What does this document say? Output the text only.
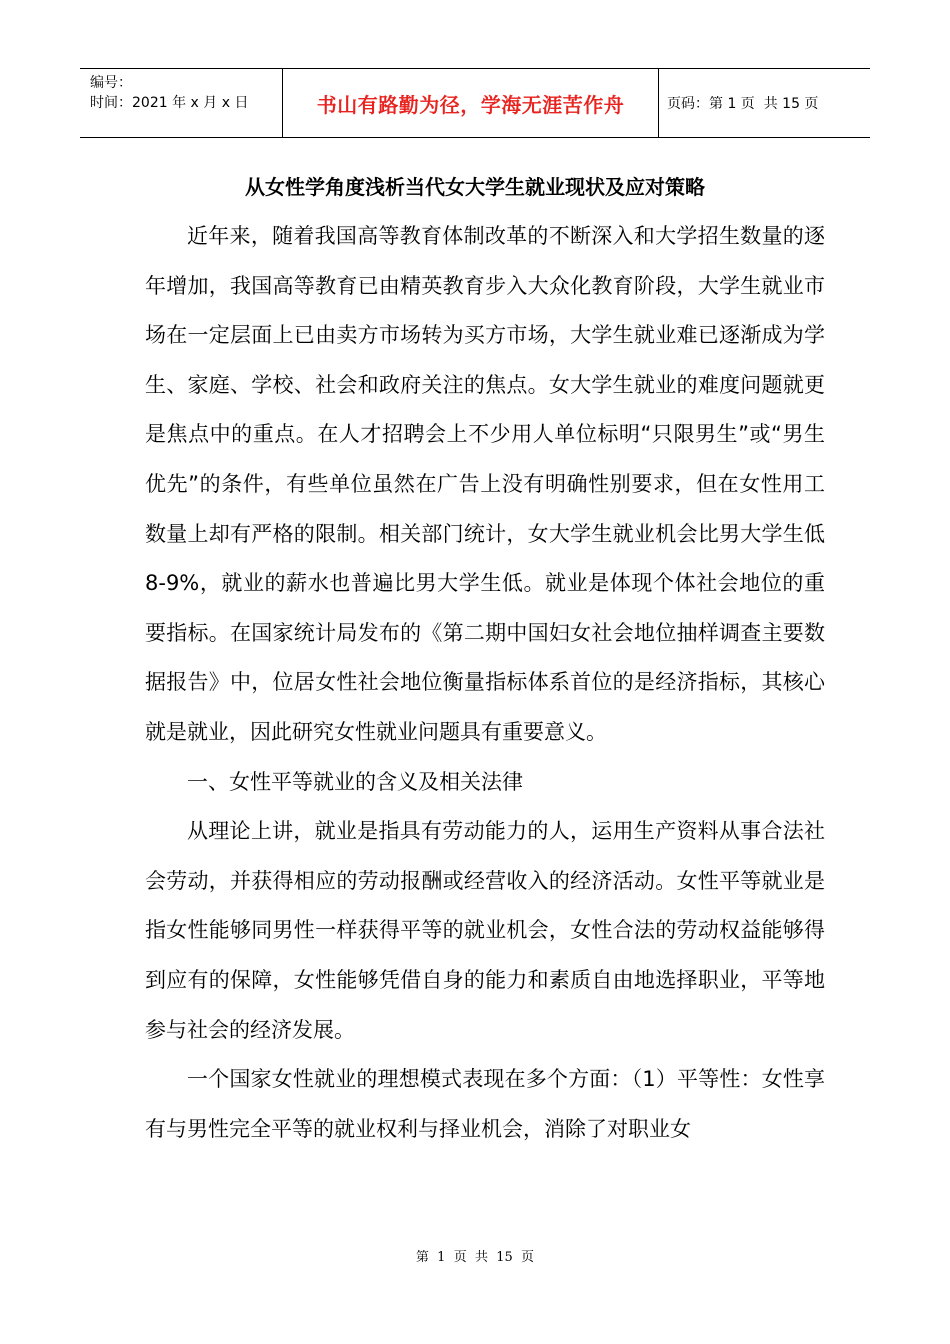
编号：
时间：2021 年 x 月 x 日	书山有路勤为径，学海无涯苦作舟	页码：第 1 页  共 15 页
从女性学角度浅析当代女大学生就业现状及应对策略

近年来，随着我国高等教育体制改革的不断深入和大学招生数量的逐年增加，我国高等教育已由精英教育步入大众化教育阶段，大学生就业市场在一定层面上已由卖方市场转为买方市场，大学生就业难已逐渐成为学生、家庭、学校、社会和政府关注的焦点。女大学生就业的难度问题就更是焦点中的重点。在人才招聘会上不少用人单位标明“只限男生”或“男生优先”的条件，有些单位虽然在广告上没有明确性别要求，但在女性用工数量上却有严格的限制。相关部门统计，女大学生就业机会比男大学生低 8-9%，就业的薪水也普遍比男大学生低。就业是体现个体社会地位的重要指标。在国家统计局发布的《第二期中国妇女社会地位抽样调查主要数据报告》中，位居女性社会地位衡量指标体系首位的是经济指标，其核心就是就业，因此研究女性就业问题具有重要意义。

一、女性平等就业的含义及相关法律

从理论上讲，就业是指具有劳动能力的人，运用生产资料从事合法社会劳动，并获得相应的劳动报酬或经营收入的经济活动。女性平等就业是指女性能够同男性一样获得平等的就业机会，女性合法的劳动权益能够得到应有的保障，女性能够凭借自身的能力和素质自由地选择职业，平等地参与社会的经济发展。

一个国家女性就业的理想模式表现在多个方面：（1）平等性：女性享有与男性完全平等的就业权利与择业机会，消除了对职业女

第  1  页  共  15  页
